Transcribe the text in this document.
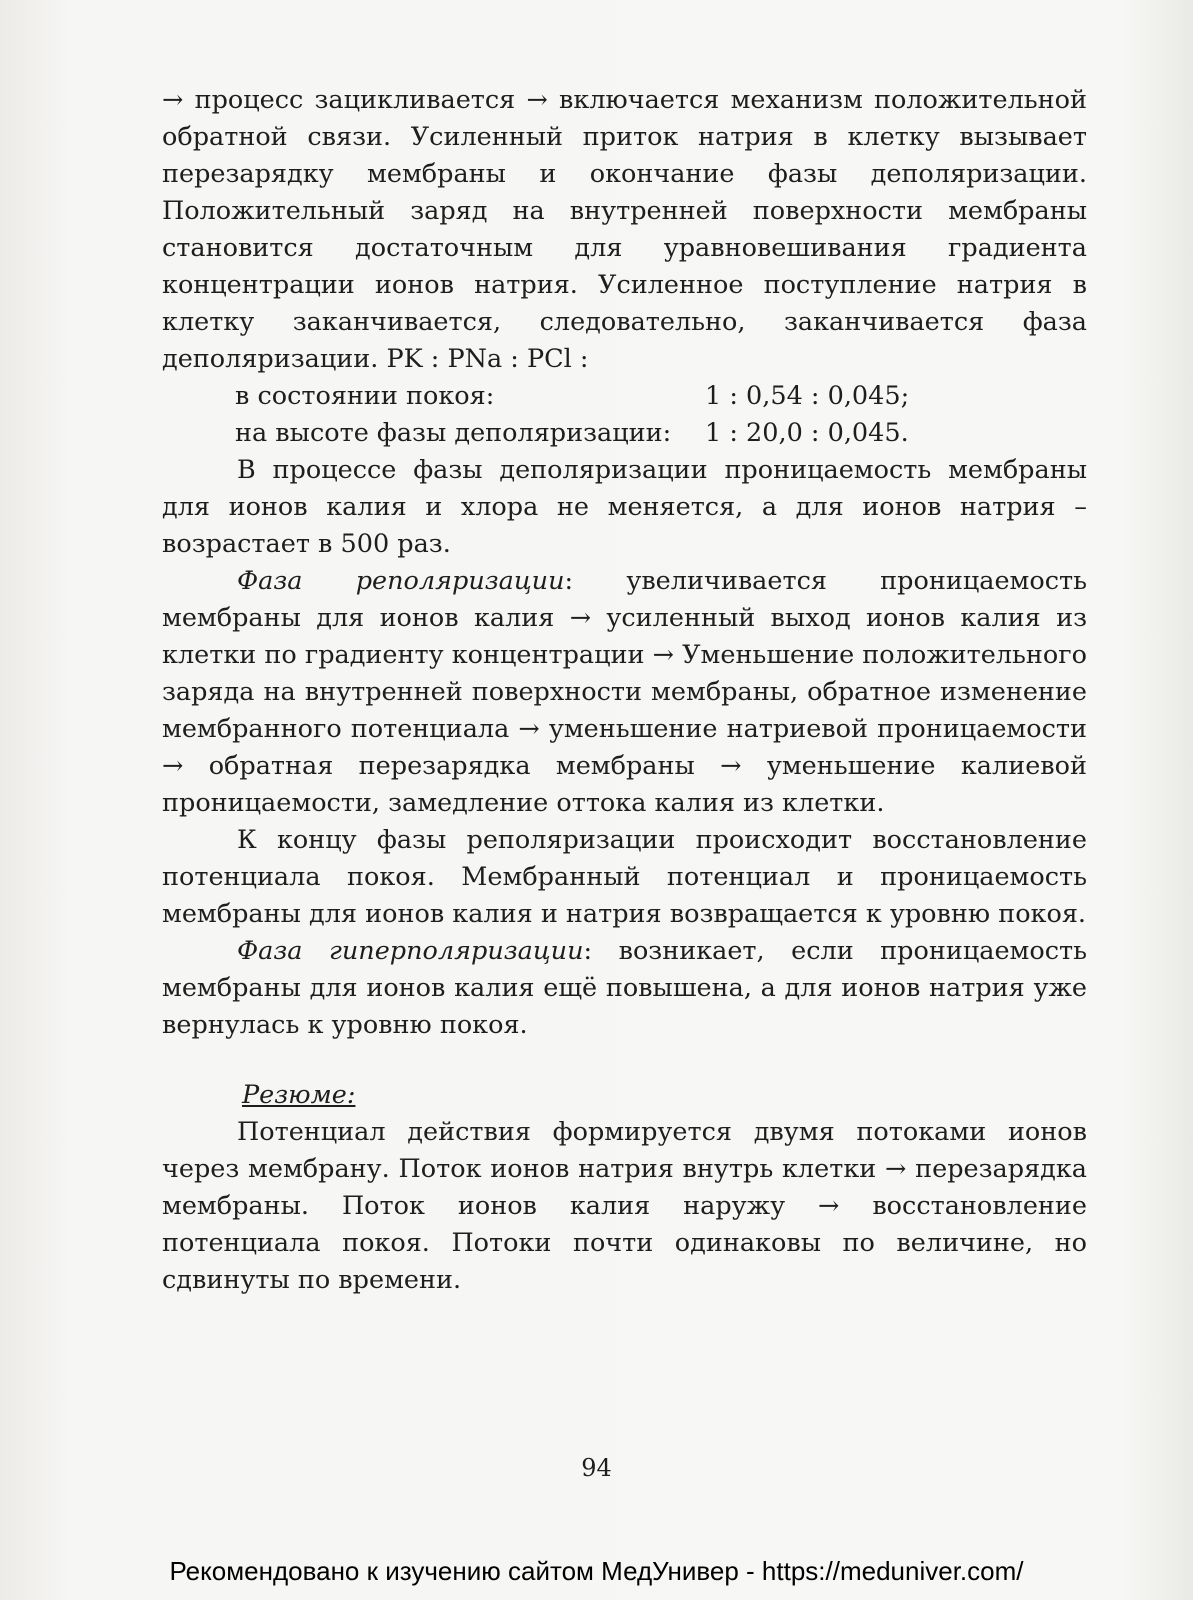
→ процесс зацикливается → включается механизм положительной обратной связи. Усиленный приток натрия в клетку вызывает перезарядку мембраны и окончание фазы деполяризации. Положительный заряд на внутренней поверхности мембраны становится достаточным для уравновешивания градиента концентрации ионов натрия. Усиленное поступление натрия в клетку заканчивается, следовательно, заканчивается фаза деполяризации. PK : PNa : PCl :

в состоянии покоя:	1 : 0,54 : 0,045;
на высоте фазы деполяризации:	1 : 20,0 : 0,045.

В процессе фазы деполяризации проницаемость мембраны для ионов калия и хлора не меняется, а для ионов натрия – возрастает в 500 раз.

Фаза реполяризации: увеличивается проницаемость мембраны для ионов калия → усиленный выход ионов калия из клетки по градиенту концентрации → Уменьшение положительного заряда на внутренней поверхности мембраны, обратное изменение мембранного потенциала → уменьшение натриевой проницаемости → обратная перезарядка мембраны → уменьшение калиевой проницаемости, замедление оттока калия из клетки.

К концу фазы реполяризации происходит восстановление потенциала покоя. Мембранный потенциал и проницаемость мембраны для ионов калия и натрия возвращается к уровню покоя.

Фаза гиперполяризации: возникает, если проницаемость мембраны для ионов калия ещё повышена, а для ионов натрия уже вернулась к уровню покоя.

Резюме:

Потенциал действия формируется двумя потоками ионов через мембрану. Поток ионов натрия внутрь клетки → перезарядка мембраны. Поток ионов калия наружу → восстановление потенциала покоя. Потоки почти одинаковы по величине, но сдвинуты по времени.

94
Рекомендовано к изучению сайтом МедУнивер - https://meduniver.com/
